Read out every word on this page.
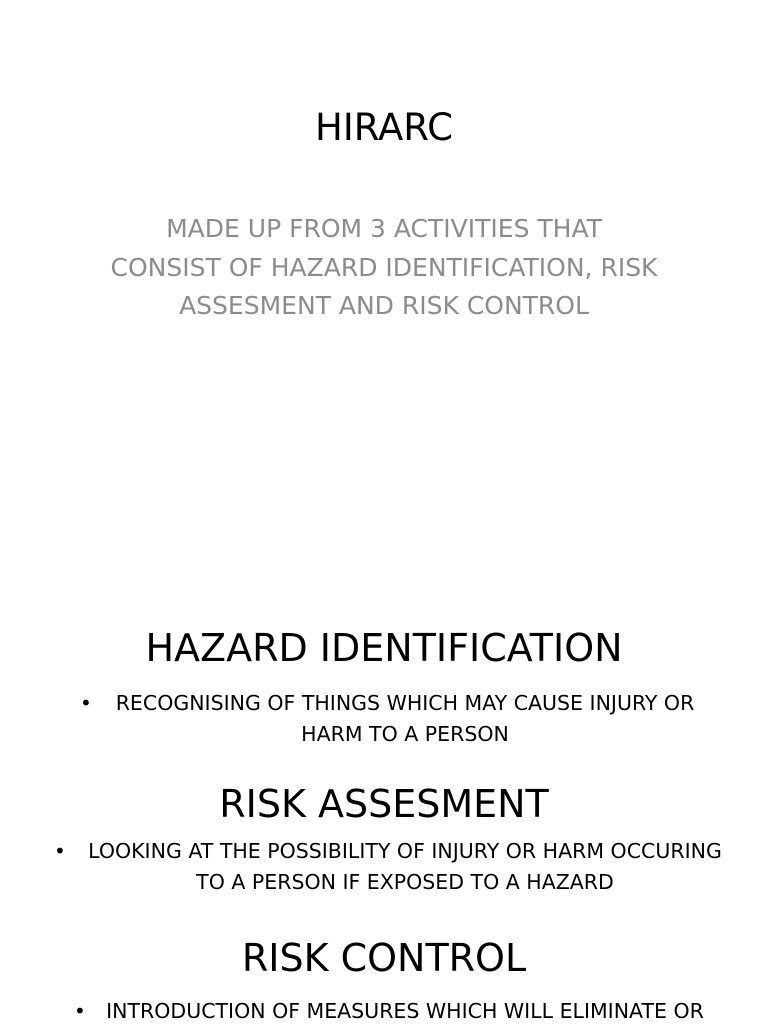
HIRARC

MADE UP FROM 3 ACTIVITIES THAT CONSIST OF HAZARD IDENTIFICATION, RISK ASSESMENT AND RISK CONTROL

HAZARD IDENTIFICATION
• RECOGNISING OF THINGS WHICH MAY CAUSE INJURY OR HARM TO A PERSON
RISK ASSESMENT
• LOOKING AT THE POSSIBILITY OF INJURY OR HARM OCCURING TO A PERSON IF EXPOSED TO A HAZARD
RISK CONTROL
• INTRODUCTION OF MEASURES WHICH WILL ELIMINATE OR
